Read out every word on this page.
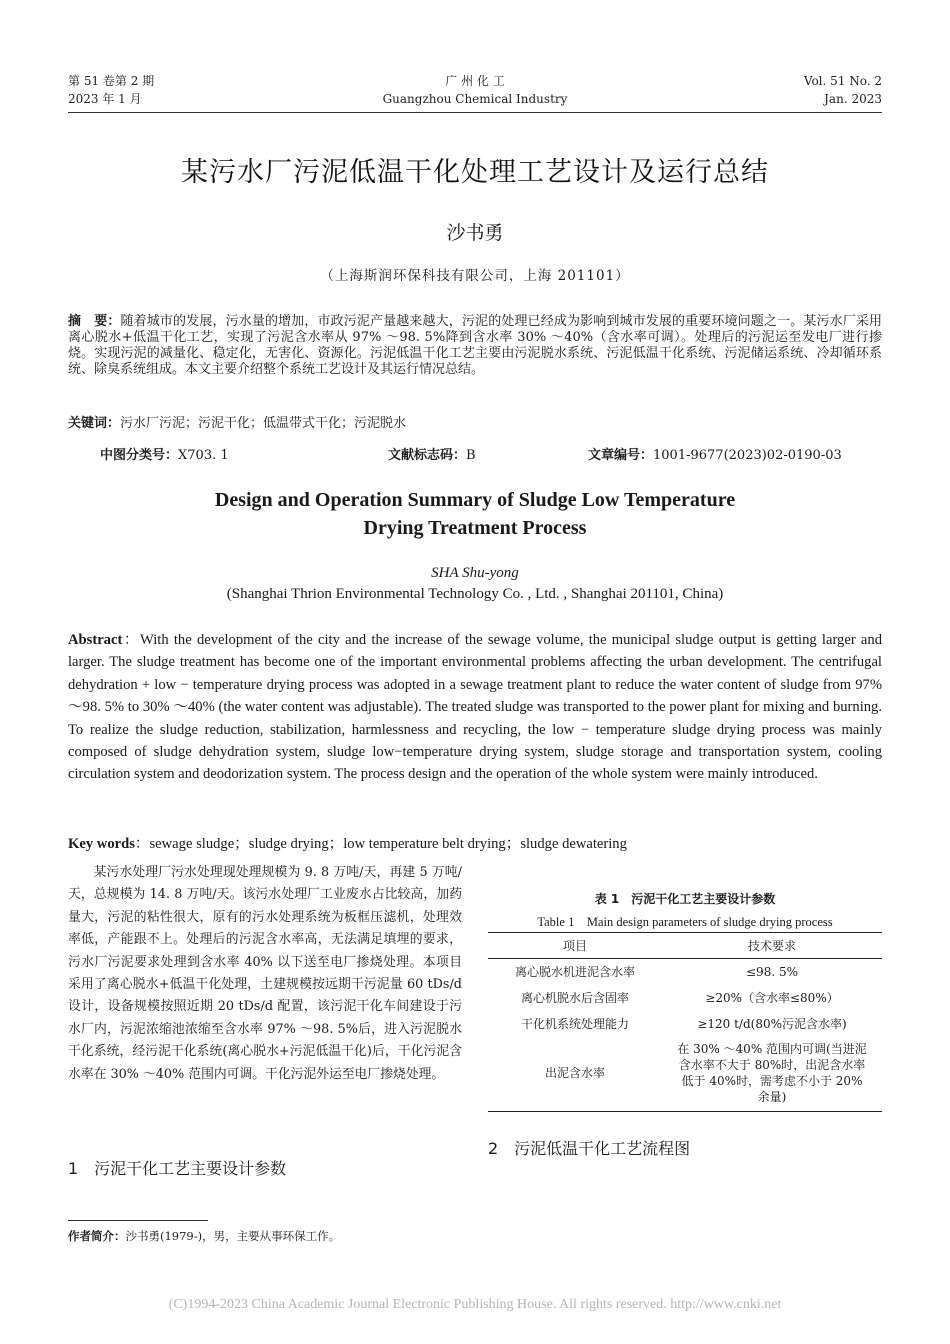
第 51 卷第 2 期
2023 年 1 月
广 州 化 工
Guangzhou Chemical Industry
Vol. 51 No. 2
Jan. 2023
某污水厂污泥低温干化处理工艺设计及运行总结
沙书勇
（上海斯润环保科技有限公司，上海 201101）
摘　要：随着城市的发展，污水量的增加，市政污泥产量越来越大，污泥的处理已经成为影响到城市发展的重要环境问题之一。某污水厂采用离心脱水+低温干化工艺，实现了污泥含水率从 97% ～98. 5%降到含水率 30% ～40%（含水率可调）。处理后的污泥运至发电厂进行掺烧。实现污泥的减量化、稳定化，无害化、资源化。污泥低温干化工艺主要由污泥脱水系统、污泥低温干化系统、污泥储运系统、冷却循环系统、除臭系统组成。本文主要介绍整个系统工艺设计及其运行情况总结。
关键词：污水厂污泥；污泥干化；低温带式干化；污泥脱水
中图分类号：X703. 1	文献标志码：B	文章编号：1001-9677(2023)02-0190-03
Design and Operation Summary of Sludge Low Temperature
Drying Treatment Process
SHA Shu-yong
(Shanghai Thrion Environmental Technology Co. , Ltd. , Shanghai 201101, China)
Abstract：With the development of the city and the increase of the sewage volume, the municipal sludge output is getting larger and larger. The sludge treatment has become one of the important environmental problems affecting the urban development. The centrifugal dehydration + low − temperature drying process was adopted in a sewage treatment plant to reduce the water content of sludge from 97% ～98. 5% to 30% ～40% (the water content was adjustable). The treated sludge was transported to the power plant for mixing and burning. To realize the sludge reduction, stabilization, harmlessness and recycling, the low − temperature sludge drying process was mainly composed of sludge dehydration system, sludge low−temperature drying system, sludge storage and transportation system, cooling circulation system and deodorization system. The process design and the operation of the whole system were mainly introduced.
Key words：sewage sludge；sludge drying；low temperature belt drying；sludge dewatering
某污水处理厂污水处理现处理规模为 9. 8 万吨/天，再建 5 万吨/天，总规模为 14. 8 万吨/天。该污水处理厂工业废水占比较高，加药量大，污泥的粘性很大，原有的污水处理系统为板框压滤机，处理效率低，产能跟不上。处理后的污泥含水率高，无法满足填埋的要求，污水厂污泥要求处理到含水率 40% 以下送至电厂掺烧处理。本项目采用了离心脱水+低温干化处理，土建规模按远期干污泥量 60 tDs/d 设计，设备规模按照近期 20 tDs/d 配置，该污泥干化车间建设于污水厂内，污泥浓缩池浓缩至含水率 97% ～98. 5%后，进入污泥脱水干化系统，经污泥干化系统(离心脱水+污泥低温干化)后，干化污泥含水率在 30% ～40% 范围内可调。干化污泥外运至电厂掺烧处理。
1　污泥干化工艺主要设计参数
表 1　污泥干化工艺主要设计参数
Table 1　Main design parameters of sludge drying process
项目	技术要求
离心脱水机进泥含水率	≤98. 5%
离心机脱水后含固率	≥20%（含水率≤80%）
干化机系统处理能力	≥120 t/d(80%污泥含水率)
出泥含水率	在 30% ～40% 范围内可调(当进泥含水率不大于 80%时，出泥含水率低于 40%时，需考虑不小于 20%余量)
2　污泥低温干化工艺流程图
作者简介：沙书勇(1979-)，男，主要从事环保工作。
(C)1994-2023 China Academic Journal Electronic Publishing House. All rights reserved. http://www.cnki.net
